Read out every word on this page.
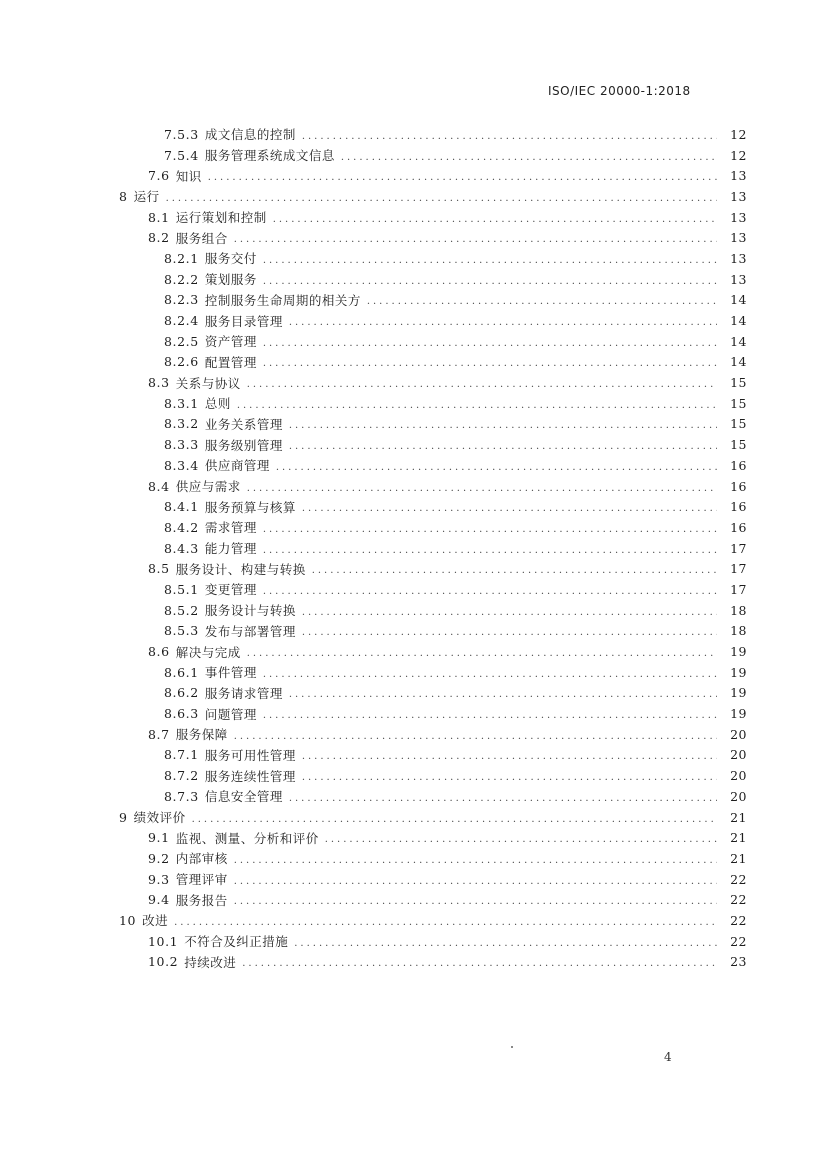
ISO/IEC 20000-1:2018
7.5.3 成文信息的控制 .....	12
7.5.4 服务管理系统成文信息 .....	12
7.6 知识 .....	13
8 运行 .....	13
8.1 运行策划和控制 .....	13
8.2 服务组合 .....	13
8.2.1 服务交付 .....	13
8.2.2 策划服务 .....	13
8.2.3 控制服务生命周期的相关方 .....	14
8.2.4 服务目录管理 .....	14
8.2.5 资产管理 .....	14
8.2.6 配置管理 .....	14
8.3 关系与协议 .....	15
8.3.1 总则 .....	15
8.3.2 业务关系管理 .....	15
8.3.3 服务级别管理 .....	15
8.3.4 供应商管理 .....	16
8.4 供应与需求 .....	16
8.4.1 服务预算与核算 .....	16
8.4.2 需求管理 .....	16
8.4.3 能力管理 .....	17
8.5 服务设计、构建与转换 .....	17
8.5.1 变更管理 .....	17
8.5.2 服务设计与转换 .....	18
8.5.3 发布与部署管理 .....	18
8.6 解决与完成 .....	19
8.6.1 事件管理 .....	19
8.6.2 服务请求管理 .....	19
8.6.3 问题管理 .....	19
8.7 服务保障 .....	20
8.7.1 服务可用性管理 .....	20
8.7.2 服务连续性管理 .....	20
8.7.3 信息安全管理 .....	20
9 绩效评价 .....	21
9.1 监视、测量、分析和评价 .....	21
9.2 内部审核 .....	21
9.3 管理评审 .....	22
9.4 服务报告 .....	22
10 改进 .....	22
10.1 不符合及纠正措施 .....	22
10.2 持续改进 .....	23
4
